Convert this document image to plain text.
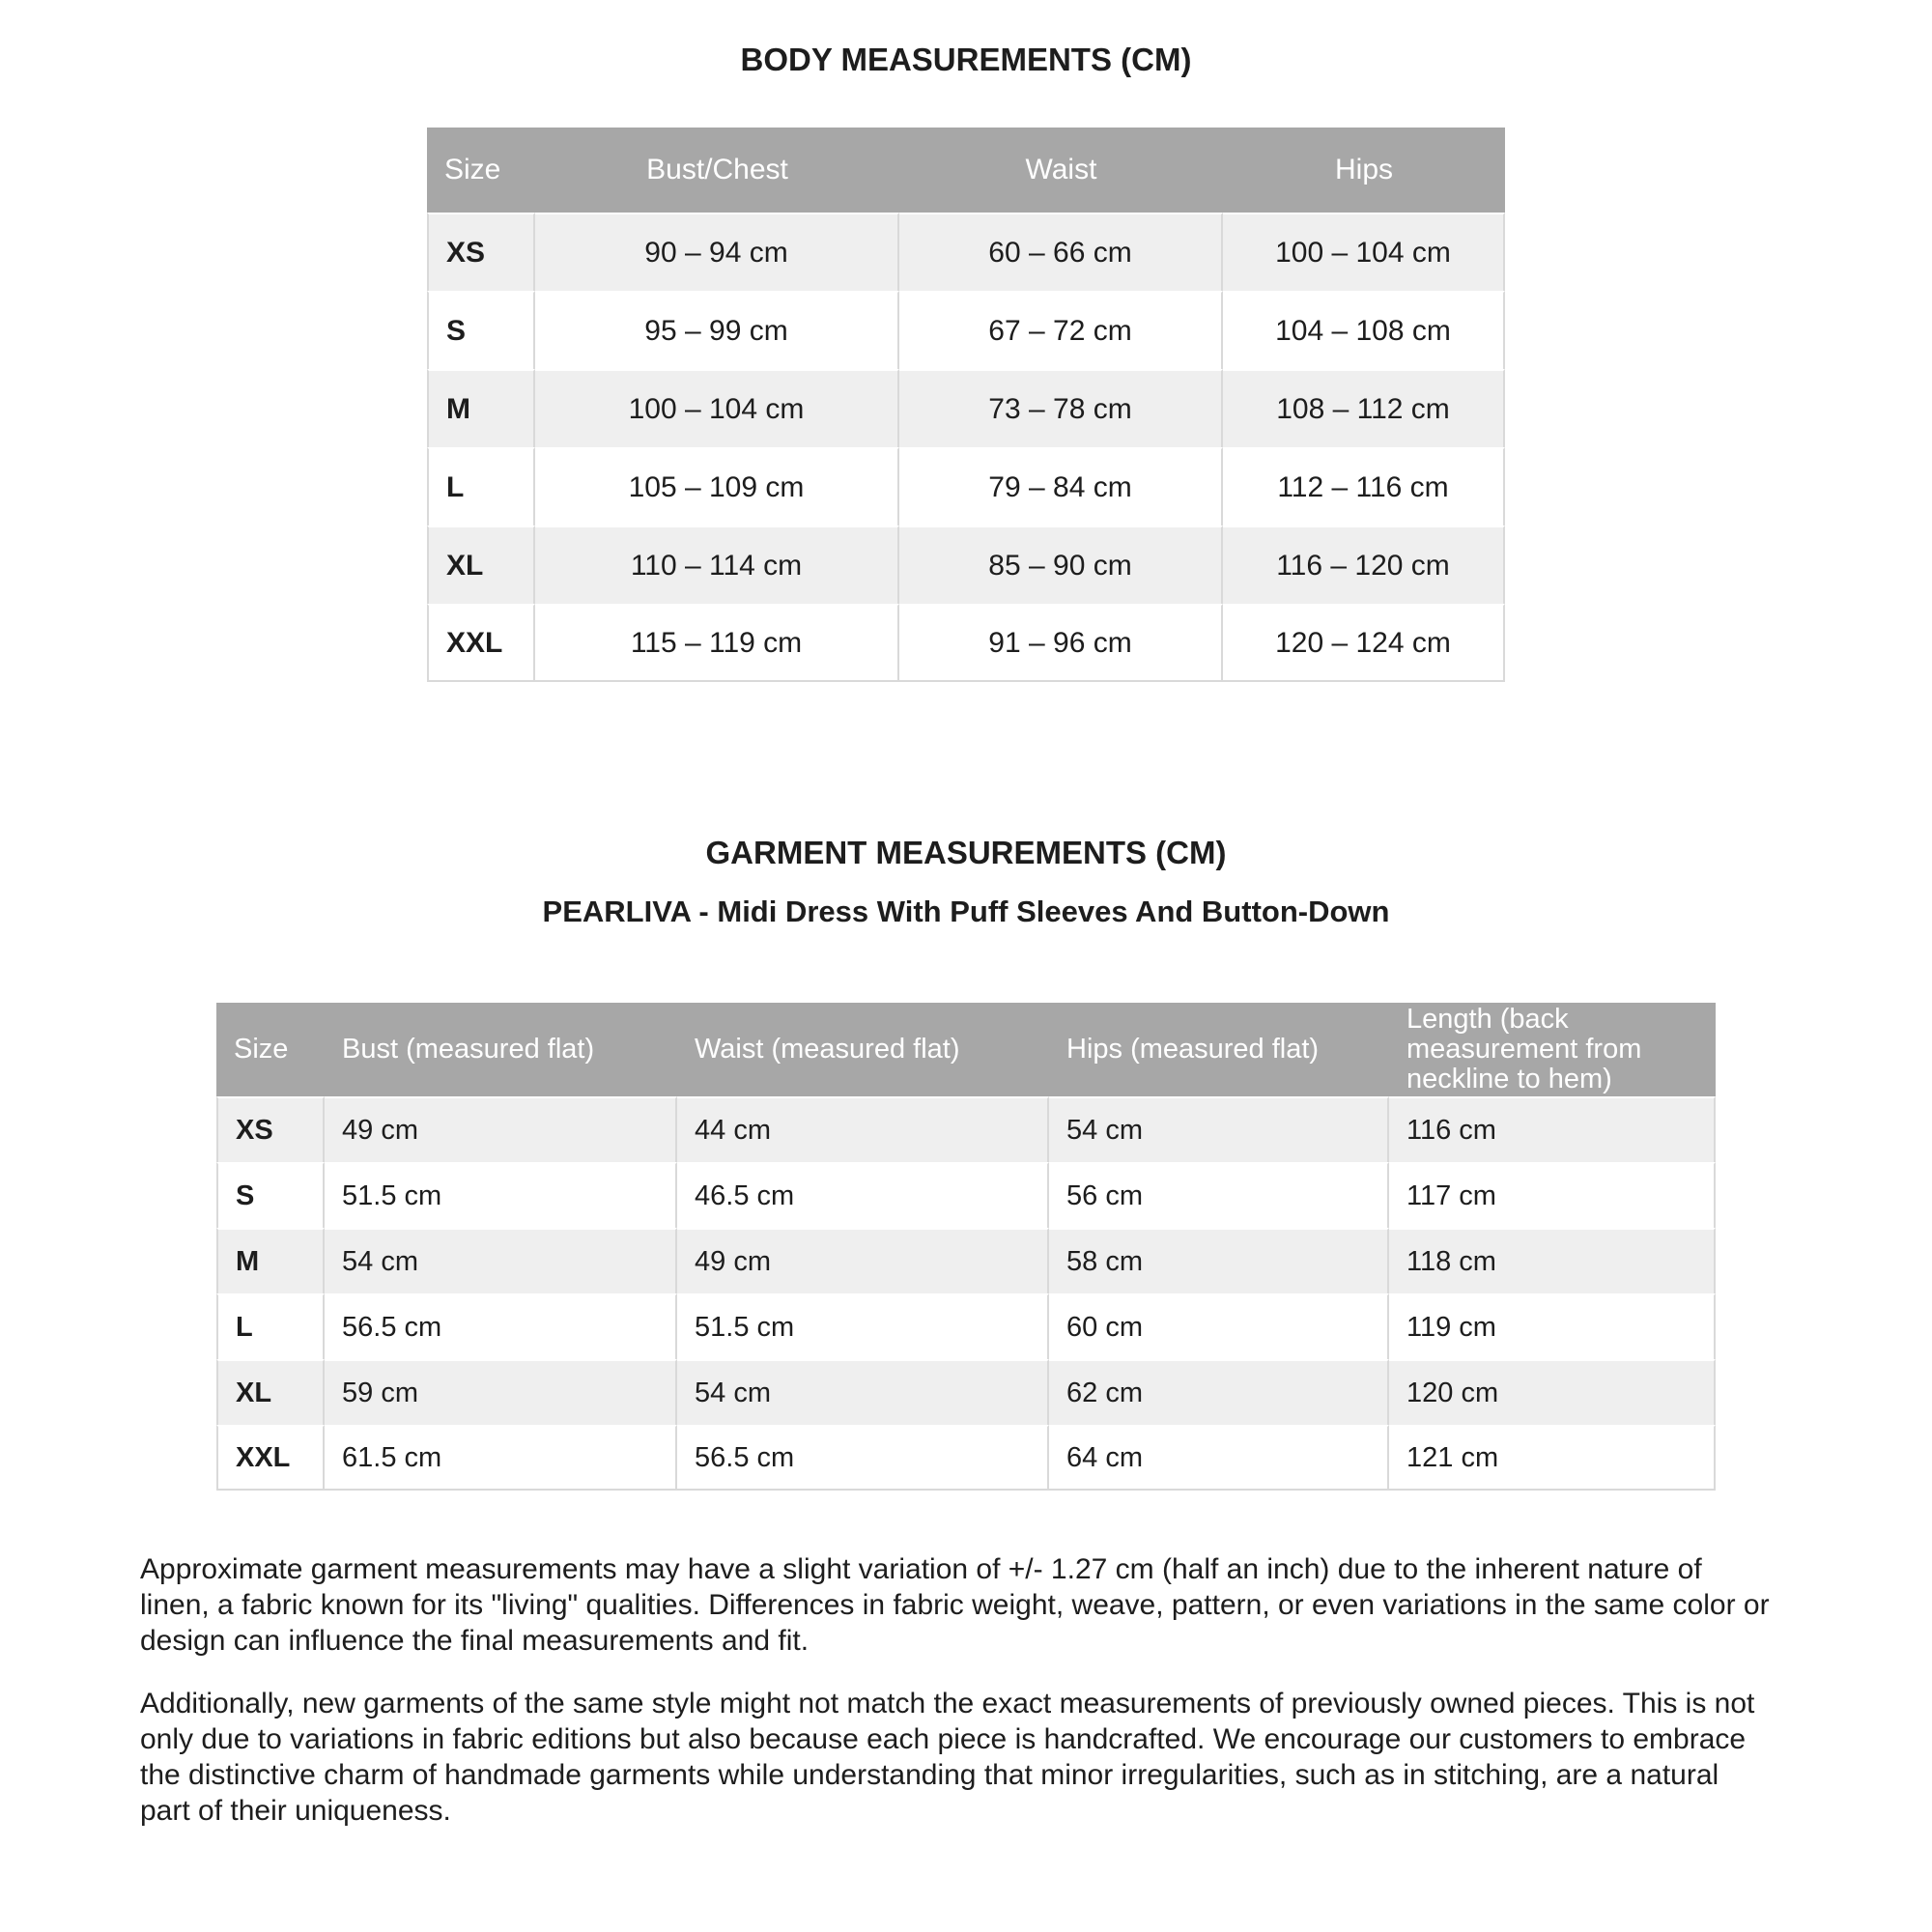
BODY MEASUREMENTS (CM)
Size	Bust/Chest	Waist	Hips
XS	90 – 94 cm	60 – 66 cm	100 – 104 cm
S	95 – 99 cm	67 – 72 cm	104 – 108 cm
M	100 – 104 cm	73 – 78 cm	108 – 112 cm
L	105 – 109 cm	79 – 84 cm	112 – 116 cm
XL	110 – 114 cm	85 – 90 cm	116 – 120 cm
XXL	115 – 119 cm	91 – 96 cm	120 – 124 cm
GARMENT MEASUREMENTS (CM)
PEARLIVA - Midi Dress With Puff Sleeves And Button-Down
Size	Bust (measured flat)	Waist (measured flat)	Hips (measured flat)	Length (back measurement from neckline to hem)
XS	49 cm	44 cm	54 cm	116 cm
S	51.5 cm	46.5 cm	56 cm	117 cm
M	54 cm	49 cm	58 cm	118 cm
L	56.5 cm	51.5 cm	60 cm	119 cm
XL	59 cm	54 cm	62 cm	120 cm
XXL	61.5 cm	56.5 cm	64 cm	121 cm

Approximate garment measurements may have a slight variation of +/- 1.27 cm (half an inch) due to the inherent nature of linen, a fabric known for its "living" qualities. Differences in fabric weight, weave, pattern, or even variations in the same color or design can influence the final measurements and fit.

Additionally, new garments of the same style might not match the exact measurements of previously owned pieces. This is not only due to variations in fabric editions but also because each piece is handcrafted. We encourage our customers to embrace the distinctive charm of handmade garments while understanding that minor irregularities, such as in stitching, are a natural part of their uniqueness.
